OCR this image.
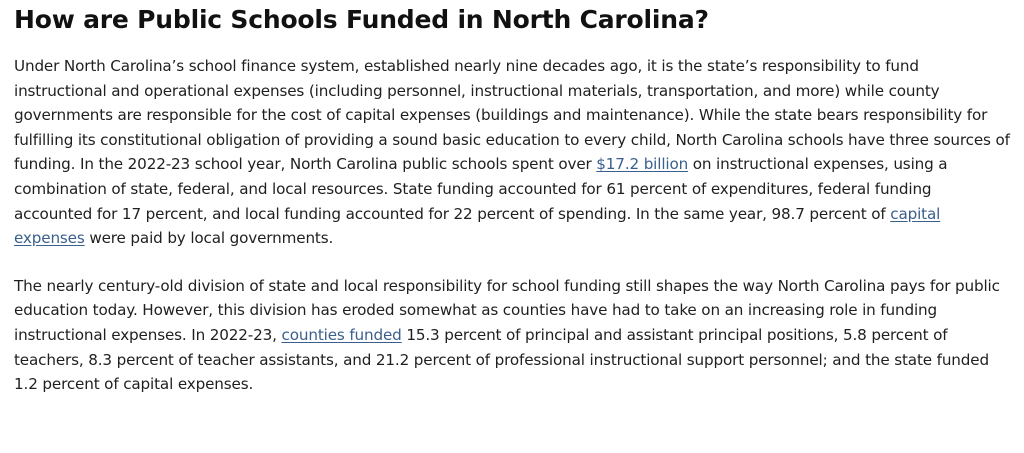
How are Public Schools Funded in North Carolina?

Under North Carolina’s school finance system, established nearly nine decades ago, it is the state’s responsibility to fund instructional and operational expenses (including personnel, instructional materials, transportation, and more) while county governments are responsible for the cost of capital expenses (buildings and maintenance). While the state bears responsibility for fulfilling its constitutional obligation of providing a sound basic education to every child, North Carolina schools have three sources of funding. In the 2022-23 school year, North Carolina public schools spent over $17.2 billion on instructional expenses, using a combination of state, federal, and local resources. State funding accounted for 61 percent of expenditures, federal funding accounted for 17 percent, and local funding accounted for 22 percent of spending. In the same year, 98.7 percent of capital expenses were paid by local governments.

The nearly century-old division of state and local responsibility for school funding still shapes the way North Carolina pays for public education today. However, this division has eroded somewhat as counties have had to take on an increasing role in funding instructional expenses. In 2022-23, counties funded 15.3 percent of principal and assistant principal positions, 5.8 percent of teachers, 8.3 percent of teacher assistants, and 21.2 percent of professional instructional support personnel; and the state funded 1.2 percent of capital expenses.
